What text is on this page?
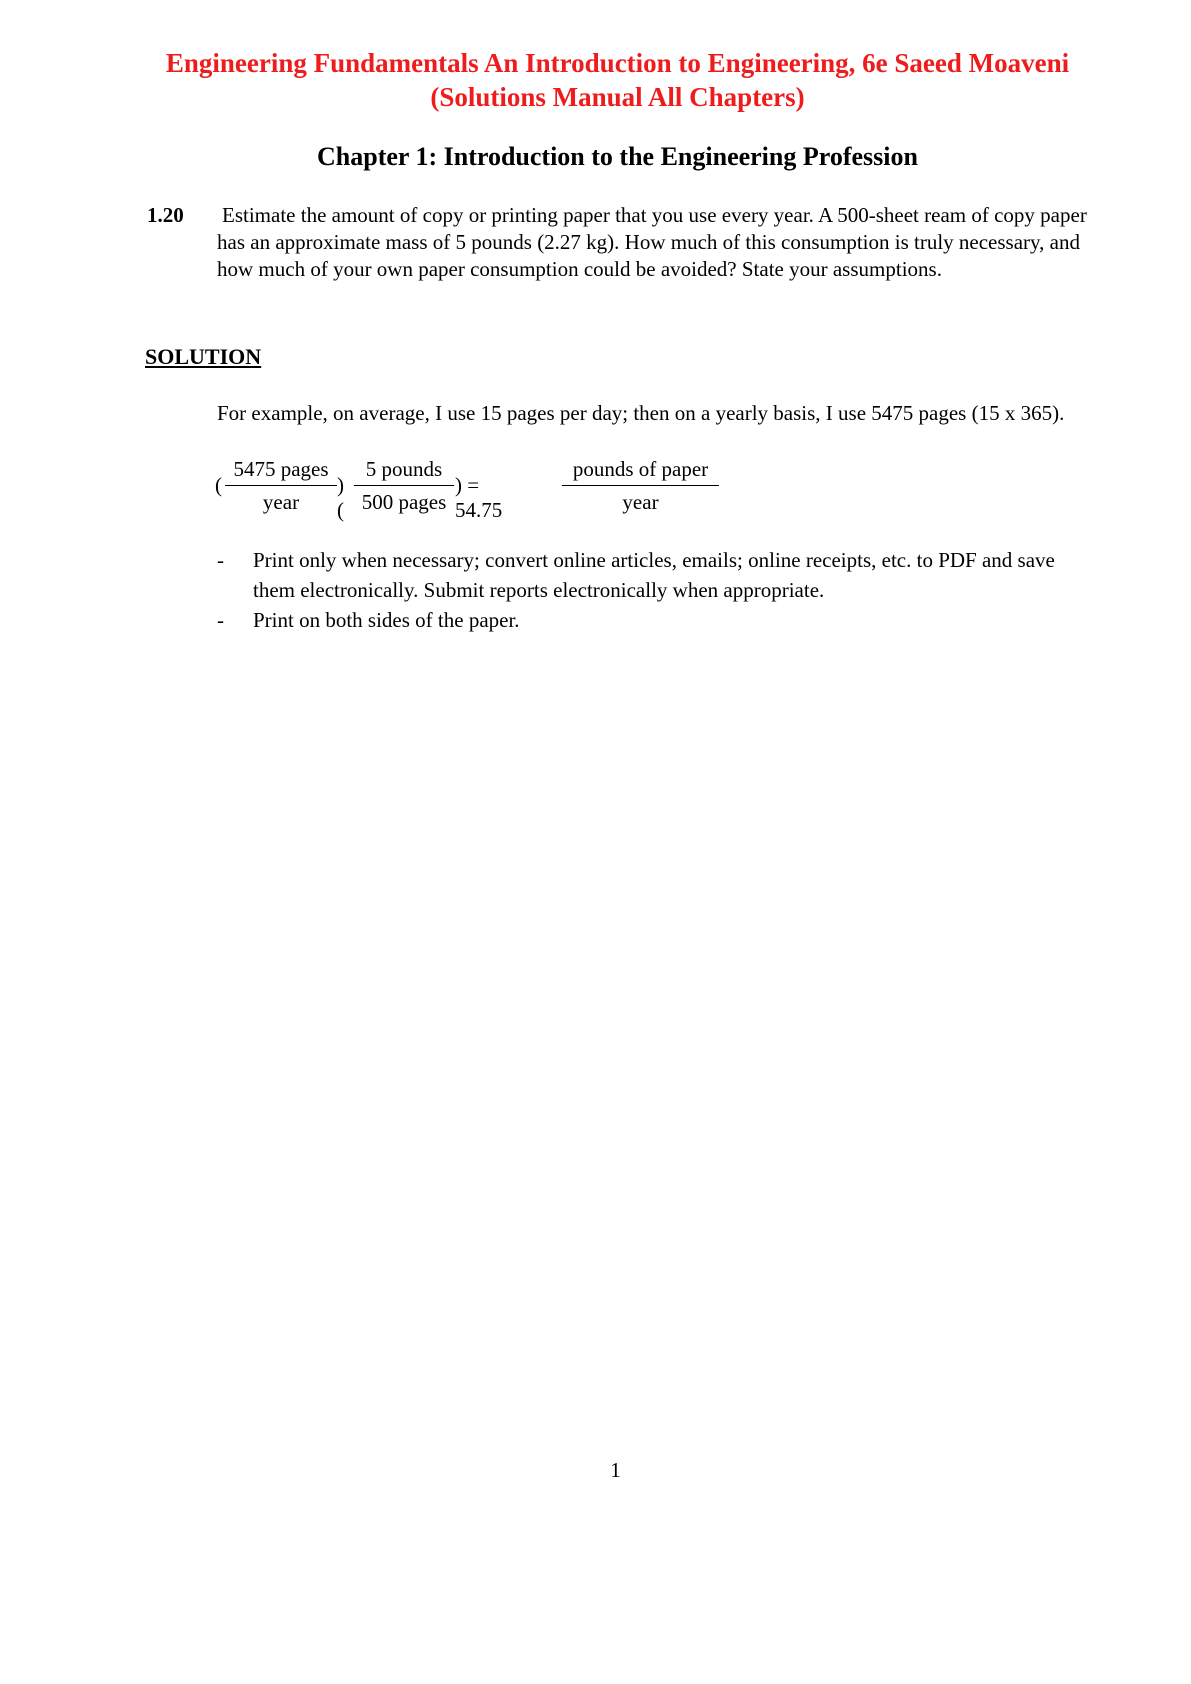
Engineering Fundamentals An Introduction to Engineering, 6e Saeed Moaveni (Solutions Manual All Chapters)
Chapter 1: Introduction to the Engineering Profession
1.20 Estimate the amount of copy or printing paper that you use every year. A 500-sheet ream of copy paper has an approximate mass of 5 pounds (2.27 kg). How much of this consumption is truly necessary, and how much of your own paper consumption could be avoided? State your assumptions.
SOLUTION
For example, on average, I use 15 pages per day; then on a yearly basis, I use 5475 pages (15 x 365).
(
5475 pages
year
)(
5 pounds
500 pages
) = 54.75
pounds of paper
year
- Print only when necessary; convert online articles, emails; online receipts, etc. to PDF and save them electronically. Submit reports electronically when appropriate.
- Print on both sides of the paper.
1
